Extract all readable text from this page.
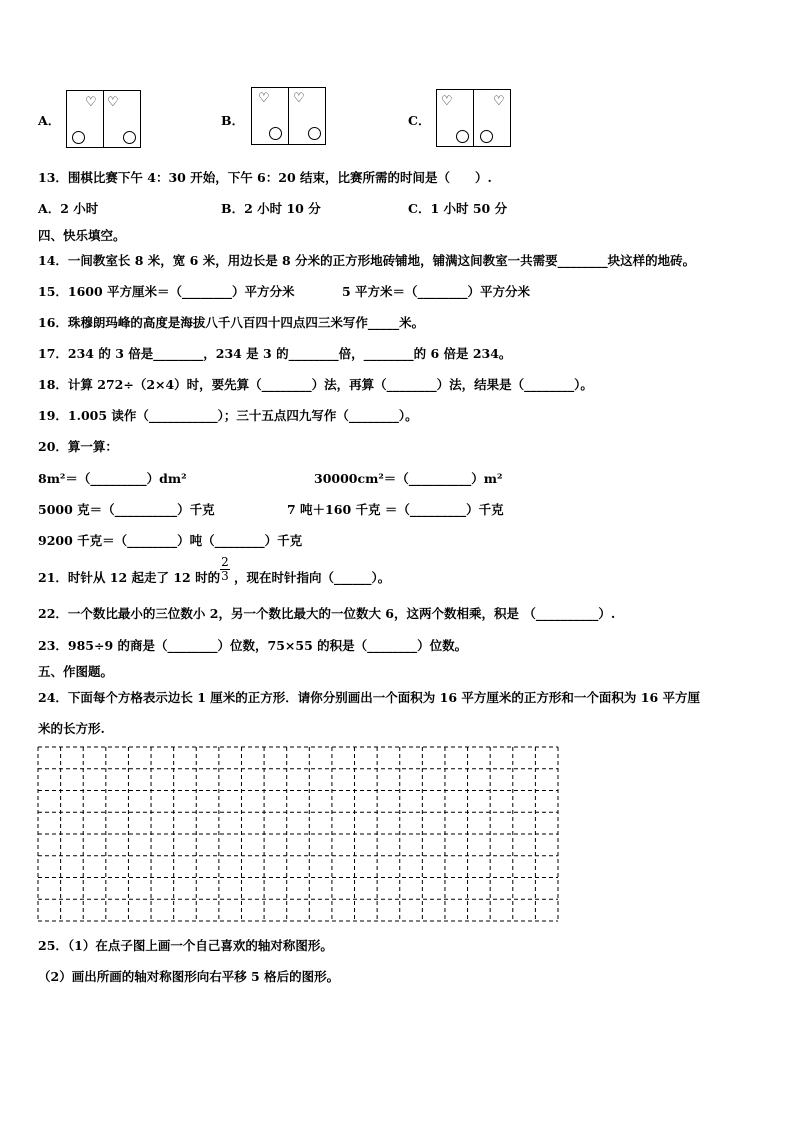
A．
♡ ♡
B．
♡ ♡
C．
♡	♡
13．围棋比赛下午 4：30 开始，下午 6：20 结束，比赛所需的时间是（　　）.
A．2 小时	B．2 小时 10 分	C．1 小时 50 分
四、快乐填空。
14．一间教室长 8 米，宽 6 米，用边长是 8 分米的正方形地砖铺地，铺满这间教室一共需要________块这样的地砖。
15．1600 平方厘米＝（________）平方分米	5 平方米＝（________）平方分米
16．珠穆朗玛峰的高度是海拔八千八百四十四点四三米写作_____米。
17．234 的 3 倍是________，234 是 3 的________倍，________的 6 倍是 234。
18．计算 272÷（2×4）时，要先算（________）法，再算（________）法，结果是（________）。
19．1.005 读作（___________）；三十五点四九写作（________）。
20．算一算：
8m²＝（_________）dm²	30000cm²＝（__________）m²
5000 克＝（__________）千克	7 吨＋160 千克 ＝（_________）千克
9200 千克＝（________）吨（________）千克
21．时针从 12 起走了 12 时的
2
3 ，现在时针指向（______）。
22．一个数比最小的三位数小 2，另一个数比最大的一位数大 6，这两个数相乘，积是 （__________）.
23．985÷9 的商是（________）位数，75×55 的积是（________）位数。
五、作图题。
24．下面每个方格表示边长 1 厘米的正方形．请你分别画出一个面积为 16 平方厘米的正方形和一个面积为 16 平方厘
米的长方形.
25．（1）在点子图上画一个自己喜欢的轴对称图形。
（2）画出所画的轴对称图形向右平移 5 格后的图形。
